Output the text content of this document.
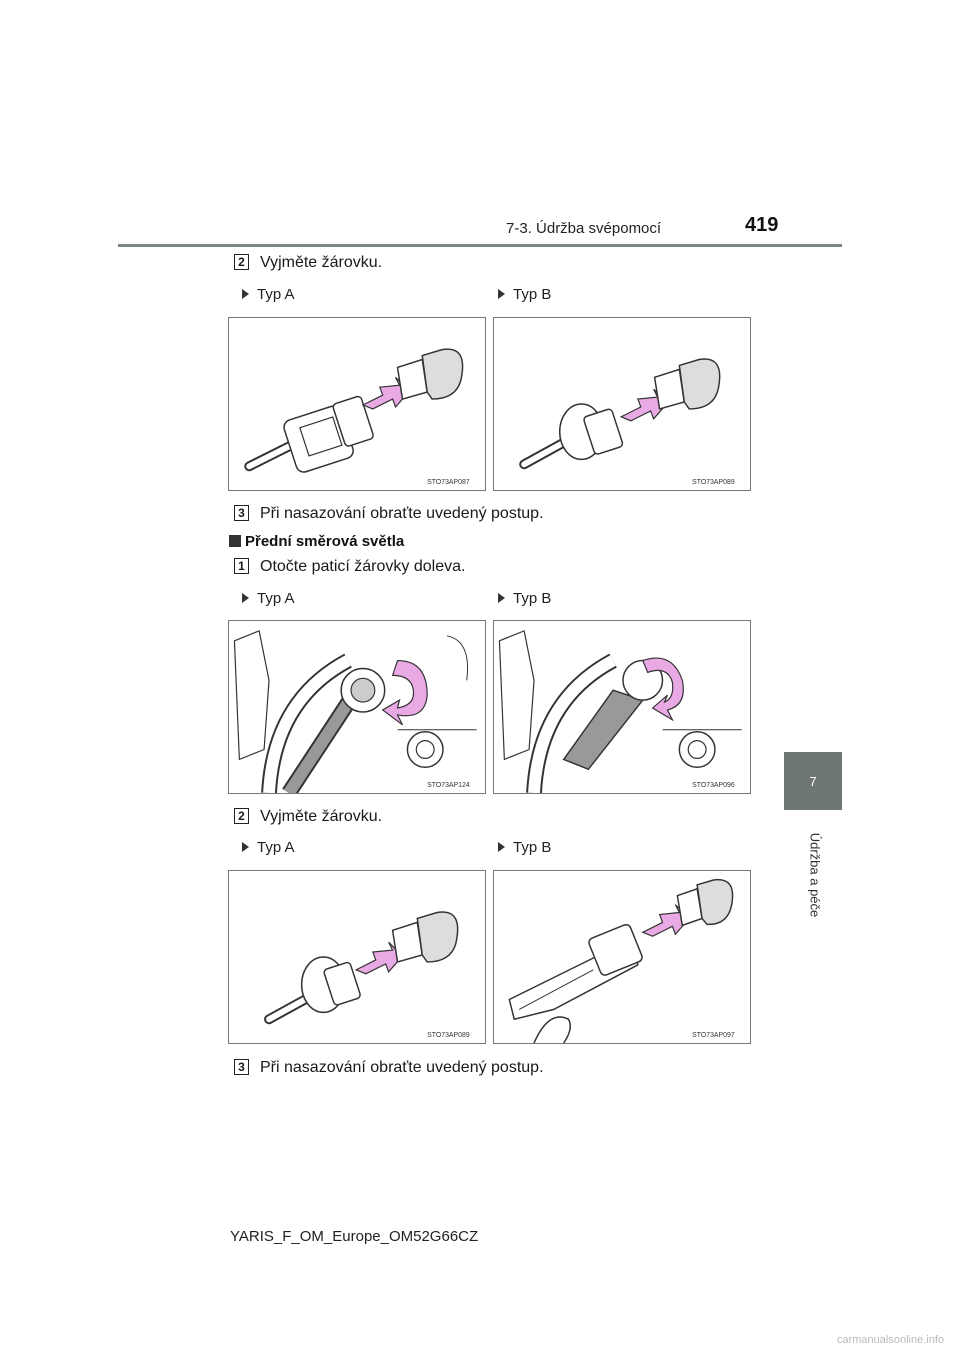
7-3. Údržba svépomocí	419
7
Údržba a péče
2 Vyjměte žárovku.
Typ A	Typ B
STO73AP087	STO73AP089
3 Při nasazování obraťte uvedený postup.
Přední směrová světla
1 Otočte paticí žárovky doleva.
Typ A	Typ B
STO73AP124	STO73AP096
2 Vyjměte žárovku.
Typ A	Typ B
STO73AP089	STO73AP097
3 Při nasazování obraťte uvedený postup.
YARIS_F_OM_Europe_OM52G66CZ
carmanualsonline.info
